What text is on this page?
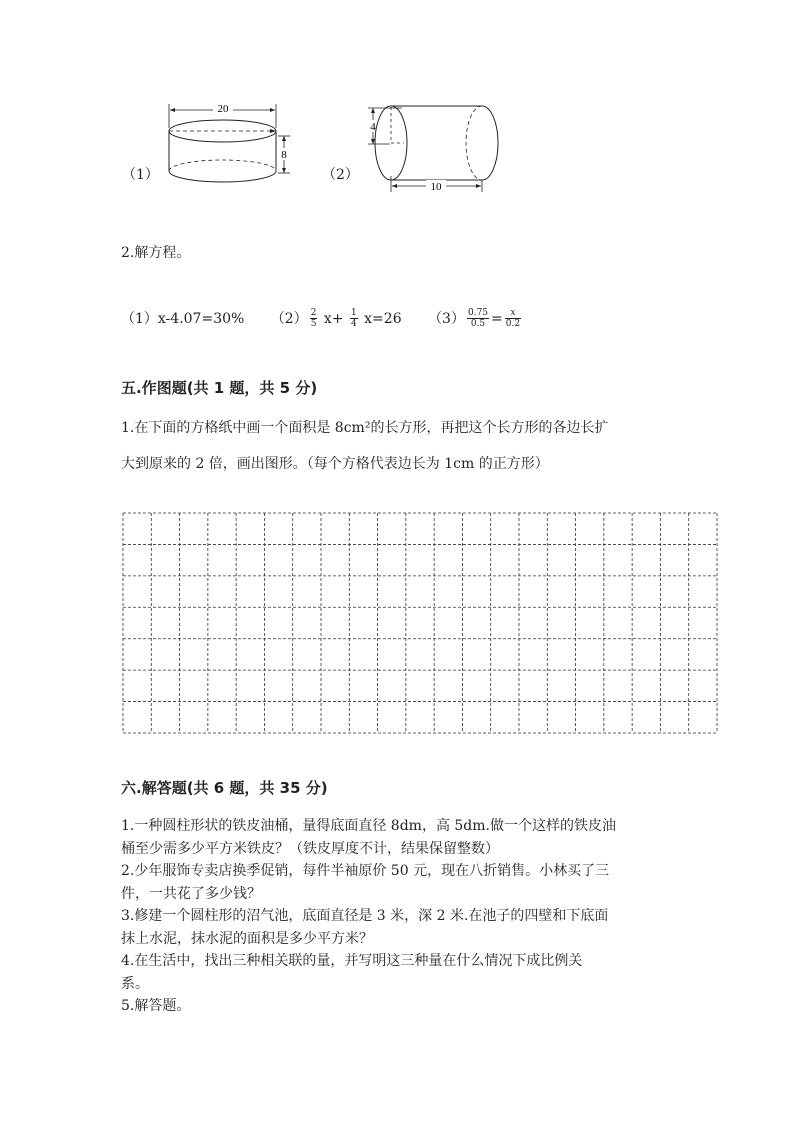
（1）
20
8
（2）
4
10
2.解方程。
（1）x-4.07=30% $(2) \frac{2}{5} x+ \frac{1}{4} x=26$ $(3) \frac{0.75}{0.5} = \frac{x}{0.2}$
五.作图题(共 1 题，共 5 分)
1.在下面的方格纸中画一个面积是 8cm²的长方形，再把这个长方形的各边长扩
大到原来的 2 倍，画出图形。（每个方格代表边长为 1cm 的正方形）
六.解答题(共 6 题，共 35 分)
1.一种圆柱形状的铁皮油桶，量得底面直径 8dm，高 5dm.做一个这样的铁皮油
桶至少需多少平方米铁皮？（铁皮厚度不计，结果保留整数）
2.少年服饰专卖店换季促销，每件半袖原价 50 元，现在八折销售。小林买了三
件，一共花了多少钱？
3.修建一个圆柱形的沼气池，底面直径是 3 米，深 2 米.在池子的四壁和下底面
抹上水泥，抹水泥的面积是多少平方米？
4.在生活中，找出三种相关联的量，并写明这三种量在什么情况下成比例关
系。
5.解答题。
